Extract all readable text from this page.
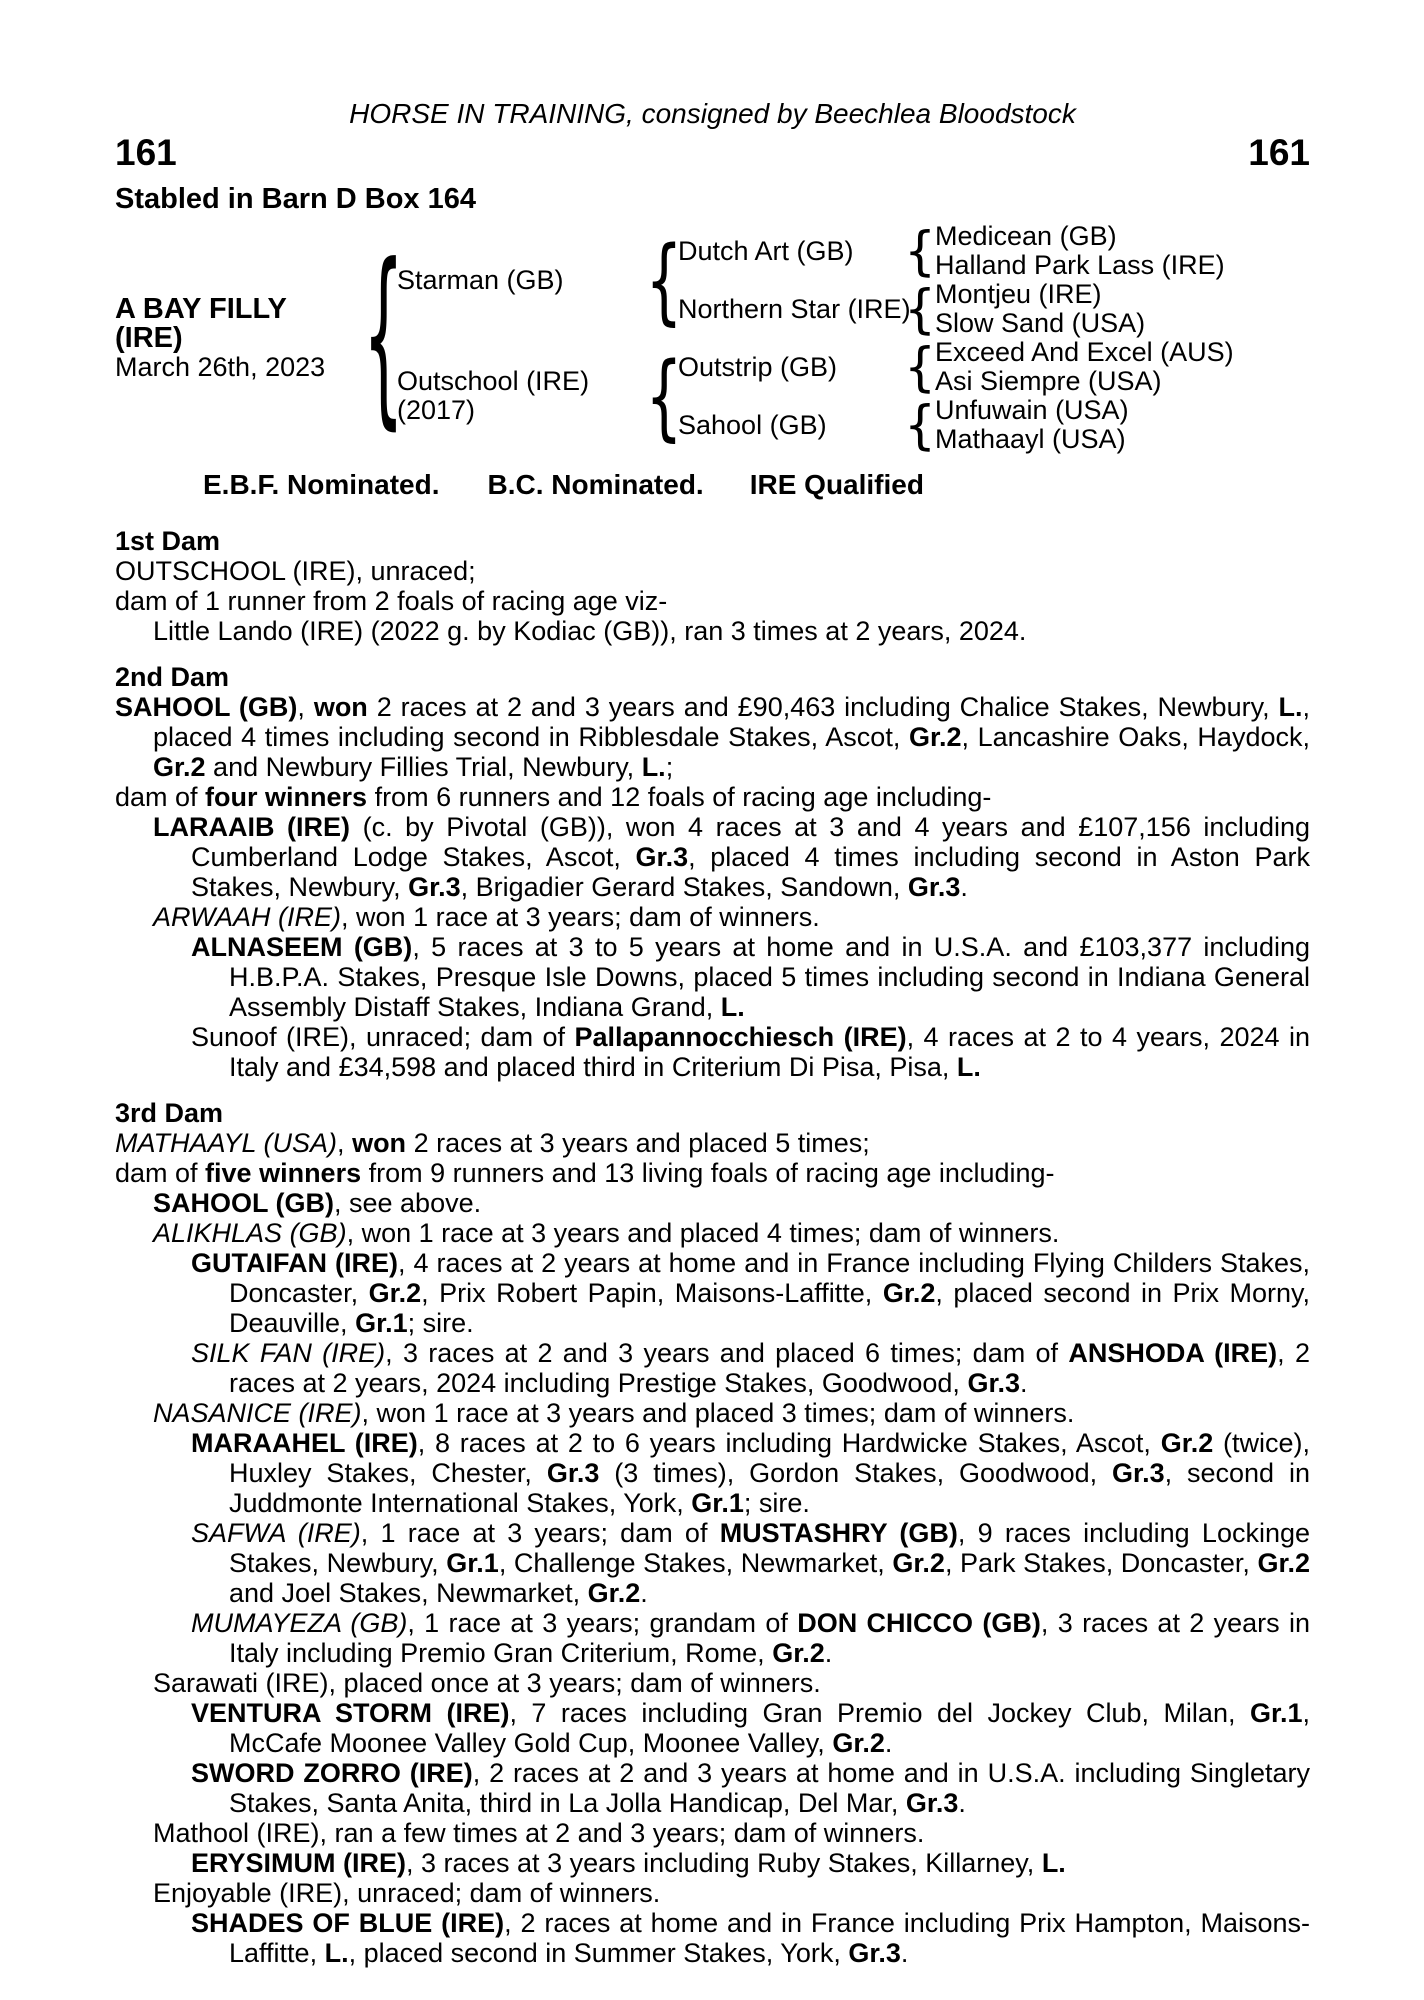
HORSE IN TRAINING, consigned by Beechlea Bloodstock
161	161
Stabled in Barn D Box 164
A BAY FILLY
(IRE)
March 26th, 2023 {
Starman (GB)
Outschool (IRE)
(2017)
{
{
Dutch Art (GB)
Northern Star (IRE)
Outstrip (GB)
Sahool (GB)
{
{
{
{
Medicean (GB)
Halland Park Lass (IRE)
Montjeu (IRE)
Slow Sand (USA)
Exceed And Excel (AUS)
Asi Siempre (USA)
Unfuwain (USA)
Mathaayl (USA)
E.B.F. Nominated. B.C. Nominated. IRE Qualified
1st Dam
OUTSCHOOL (IRE), unraced;
dam of 1 runner from 2 foals of racing age viz-
Little Lando (IRE) (2022 g. by Kodiac (GB)), ran 3 times at 2 years, 2024.
2nd Dam
SAHOOL (GB), won 2 races at 2 and 3 years and £90,463 including Chalice Stakes, Newbury, L., placed 4 times including second in Ribblesdale Stakes, Ascot, Gr.2, Lancashire Oaks, Haydock, Gr.2 and Newbury Fillies Trial, Newbury, L.;
dam of four winners from 6 runners and 12 foals of racing age including-
LARAAIB (IRE) (c. by Pivotal (GB)), won 4 races at 3 and 4 years and £107,156 including Cumberland Lodge Stakes, Ascot, Gr.3, placed 4 times including second in Aston Park Stakes, Newbury, Gr.3, Brigadier Gerard Stakes, Sandown, Gr.3.
ARWAAH (IRE), won 1 race at 3 years; dam of winners.
ALNASEEM (GB), 5 races at 3 to 5 years at home and in U.S.A. and £103,377 including H.B.P.A. Stakes, Presque Isle Downs, placed 5 times including second in Indiana General Assembly Distaff Stakes, Indiana Grand, L.
Sunoof (IRE), unraced; dam of Pallapannocchiesch (IRE), 4 races at 2 to 4 years, 2024 in Italy and £34,598 and placed third in Criterium Di Pisa, Pisa, L.
3rd Dam
MATHAAYL (USA), won 2 races at 3 years and placed 5 times;
dam of five winners from 9 runners and 13 living foals of racing age including-
SAHOOL (GB), see above.
ALIKHLAS (GB), won 1 race at 3 years and placed 4 times; dam of winners.
GUTAIFAN (IRE), 4 races at 2 years at home and in France including Flying Childers Stakes, Doncaster, Gr.2, Prix Robert Papin, Maisons-Laffitte, Gr.2, placed second in Prix Morny, Deauville, Gr.1; sire.
SILK FAN (IRE), 3 races at 2 and 3 years and placed 6 times; dam of ANSHODA (IRE), 2 races at 2 years, 2024 including Prestige Stakes, Goodwood, Gr.3.
NASANICE (IRE), won 1 race at 3 years and placed 3 times; dam of winners.
MARAAHEL (IRE), 8 races at 2 to 6 years including Hardwicke Stakes, Ascot, Gr.2 (twice), Huxley Stakes, Chester, Gr.3 (3 times), Gordon Stakes, Goodwood, Gr.3, second in Juddmonte International Stakes, York, Gr.1; sire.
SAFWA (IRE), 1 race at 3 years; dam of MUSTASHRY (GB), 9 races including Lockinge Stakes, Newbury, Gr.1, Challenge Stakes, Newmarket, Gr.2, Park Stakes, Doncaster, Gr.2 and Joel Stakes, Newmarket, Gr.2.
MUMAYEZA (GB), 1 race at 3 years; grandam of DON CHICCO (GB), 3 races at 2 years in Italy including Premio Gran Criterium, Rome, Gr.2.
Sarawati (IRE), placed once at 3 years; dam of winners.
VENTURA STORM (IRE), 7 races including Gran Premio del Jockey Club, Milan, Gr.1, McCafe Moonee Valley Gold Cup, Moonee Valley, Gr.2.
SWORD ZORRO (IRE), 2 races at 2 and 3 years at home and in U.S.A. including Singletary Stakes, Santa Anita, third in La Jolla Handicap, Del Mar, Gr.3.
Mathool (IRE), ran a few times at 2 and 3 years; dam of winners.
ERYSIMUM (IRE), 3 races at 3 years including Ruby Stakes, Killarney, L.
Enjoyable (IRE), unraced; dam of winners.
SHADES OF BLUE (IRE), 2 races at home and in France including Prix Hampton, Maisons-Laffitte, L., placed second in Summer Stakes, York, Gr.3.
